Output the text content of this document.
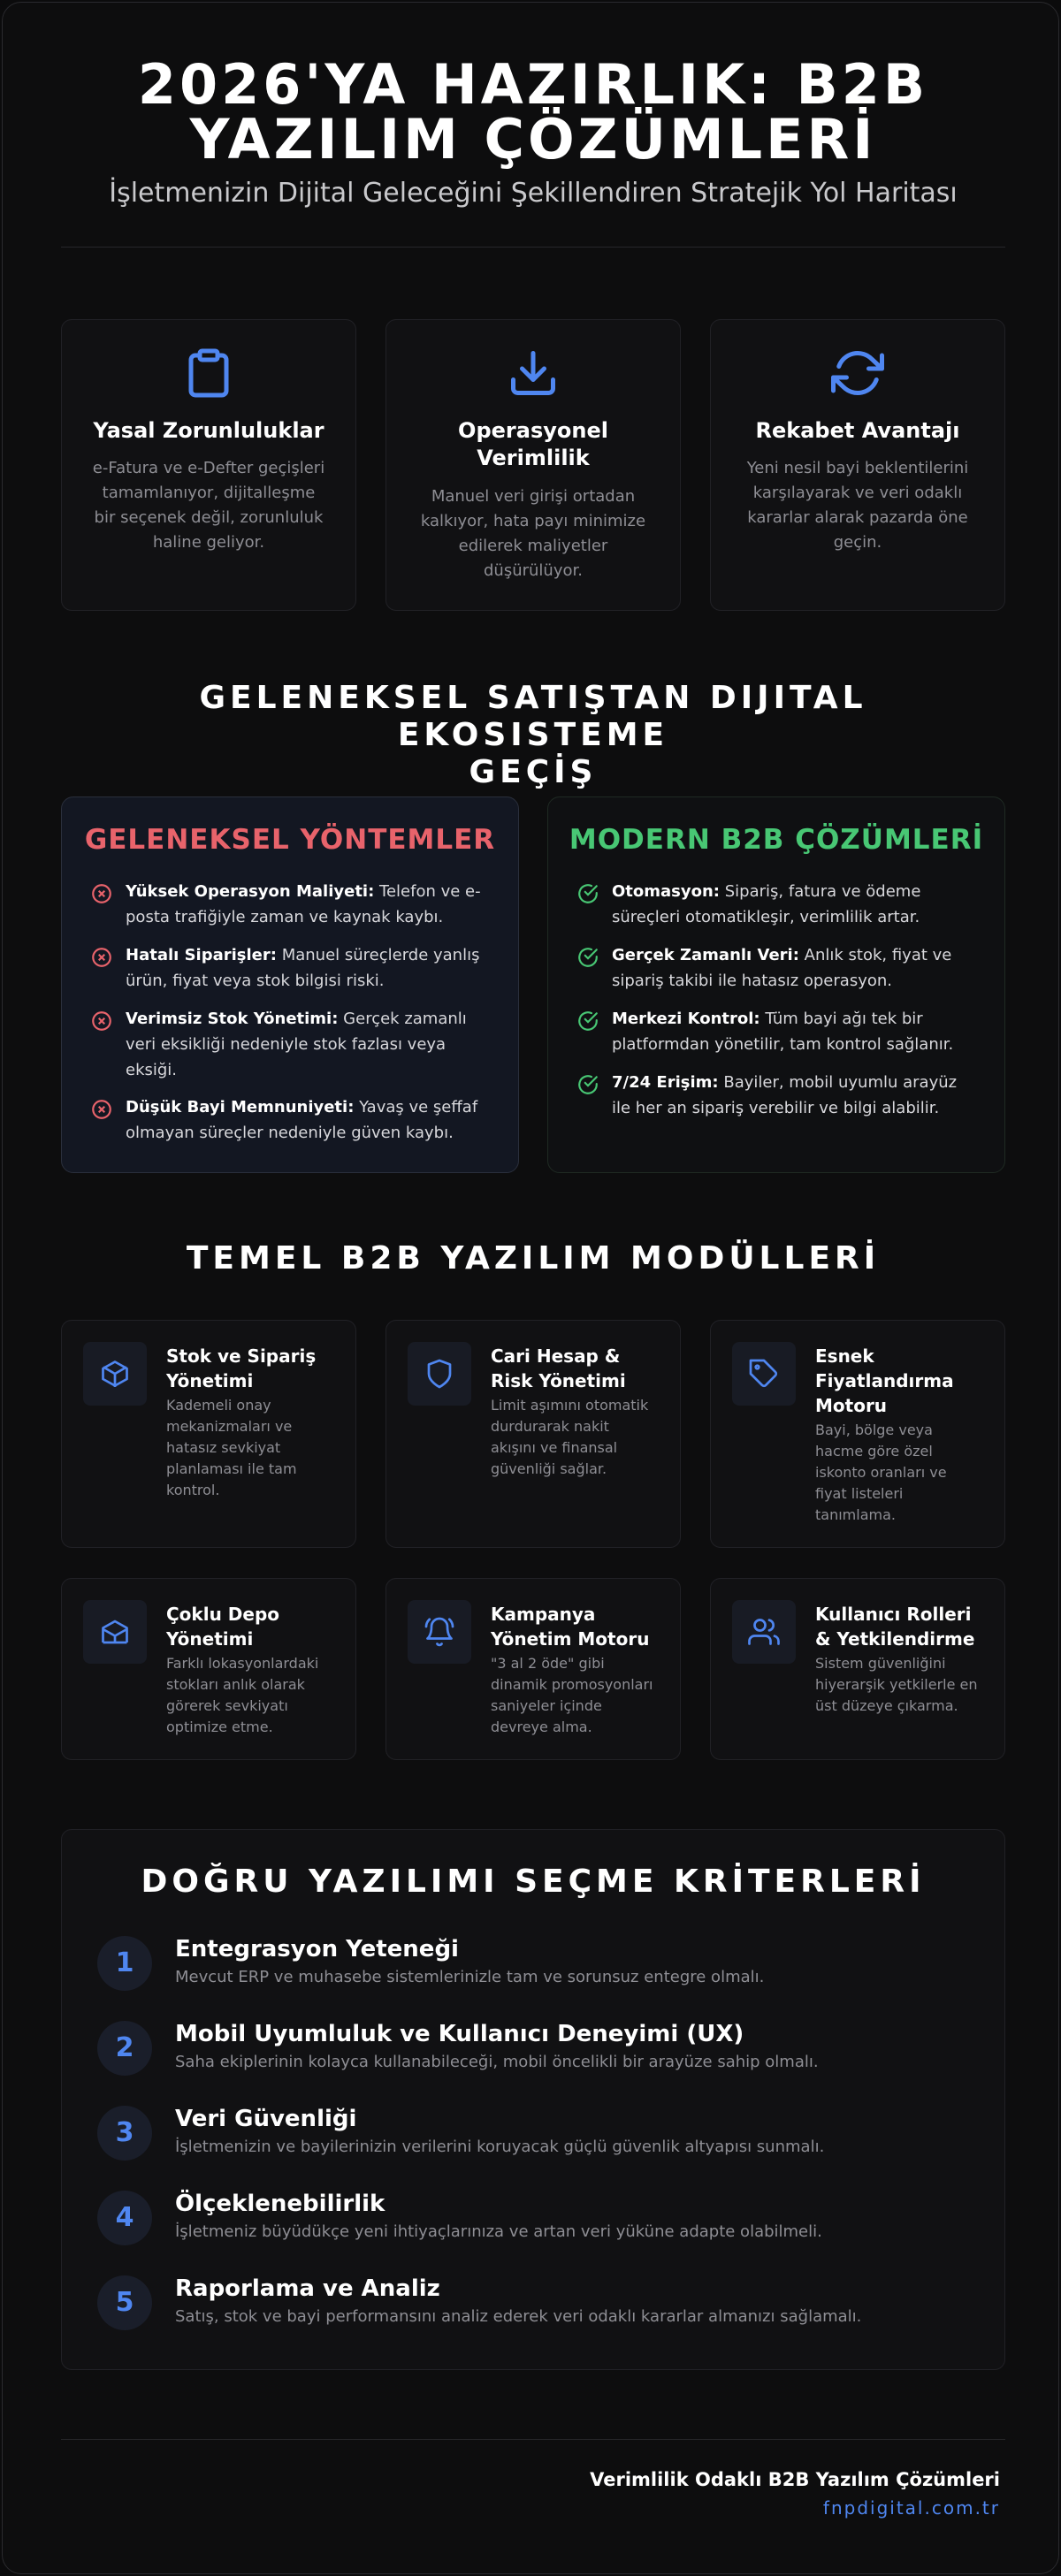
2026'YA HAZIRLIK: B2B
YAZILIM ÇÖZÜMLERİ
İşletmenizin Dijital Geleceğini Şekillendiren Stratejik Yol Haritası
Yasal Zorunluluklar
e-Fatura ve e-Defter geçişleri tamamlanıyor, dijitalleşme bir seçenek değil, zorunluluk haline geliyor.
Operasyonel
Verimlilik
Manuel veri girişi ortadan kalkıyor, hata payı minimize edilerek maliyetler düşürülüyor.
Rekabet Avantajı
Yeni nesil bayi beklentilerini karşılayarak ve veri odaklı kararlar alarak pazarda öne geçin.
GELENEKSEL SATIŞTAN DIJITAL EKOSISTEME
GEÇİŞ
GELENEKSEL YÖNTEMLER
Yüksek Operasyon Maliyeti: Telefon ve e-
posta trafiğiyle zaman ve kaynak kaybı.
Hatalı Siparişler: Manuel süreçlerde yanlış
ürün, fiyat veya stok bilgisi riski.
Verimsiz Stok Yönetimi: Gerçek zamanlı
veri eksikliği nedeniyle stok fazlası veya
eksiği.
Düşük Bayi Memnuniyeti: Yavaş ve şeffaf
olmayan süreçler nedeniyle güven kaybı.
MODERN B2B ÇÖZÜMLERİ
Otomasyon: Sipariş, fatura ve ödeme
süreçleri otomatikleşir, verimlilik artar.
Gerçek Zamanlı Veri: Anlık stok, fiyat ve
sipariş takibi ile hatasız operasyon.
Merkezi Kontrol: Tüm bayi ağı tek bir
platformdan yönetilir, tam kontrol sağlanır.
7/24 Erişim: Bayiler, mobil uyumlu arayüz
ile her an sipariş verebilir ve bilgi alabilir.
TEMEL B2B YAZILIM MODÜLLERİ
Stok ve Sipariş
Yönetimi
Kademeli onay
mekanizmaları ve
hatasız sevkiyat
planlaması ile tam
kontrol.
Cari Hesap &
Risk Yönetimi
Limit aşımını otomatik
durdurarak nakit
akışını ve finansal
güvenliği sağlar.
Esnek
Fiyatlandırma
Motoru
Bayi, bölge veya
hacme göre özel
iskonto oranları ve
fiyat listeleri
tanımlama.
Çoklu Depo
Yönetimi
Farklı lokasyonlardaki
stokları anlık olarak
görerek sevkiyatı
optimize etme.
Kampanya
Yönetim Motoru
"3 al 2 öde" gibi
dinamik promosyonları
saniyeler içinde
devreye alma.
Kullanıcı Rolleri
& Yetkilendirme
Sistem güvenliğini
hiyerarşik yetkilerle en
üst düzeye çıkarma.
DOĞRU YAZILIMI SEÇME KRİTERLERİ
1	Entegrasyon Yeteneği
Mevcut ERP ve muhasebe sistemlerinizle tam ve sorunsuz entegre olmalı.
2	Mobil Uyumluluk ve Kullanıcı Deneyimi (UX)
Saha ekiplerinin kolayca kullanabileceği, mobil öncelikli bir arayüze sahip olmalı.
3	Veri Güvenliği
İşletmenizin ve bayilerinizin verilerini koruyacak güçlü güvenlik altyapısı sunmalı.
4	Ölçeklenebilirlik
İşletmeniz büyüdükçe yeni ihtiyaçlarınıza ve artan veri yüküne adapte olabilmeli.
5	Raporlama ve Analiz
Satış, stok ve bayi performansını analiz ederek veri odaklı kararlar almanızı sağlamalı.
Verimlilik Odaklı B2B Yazılım Çözümleri
fnpdigital.com.tr
